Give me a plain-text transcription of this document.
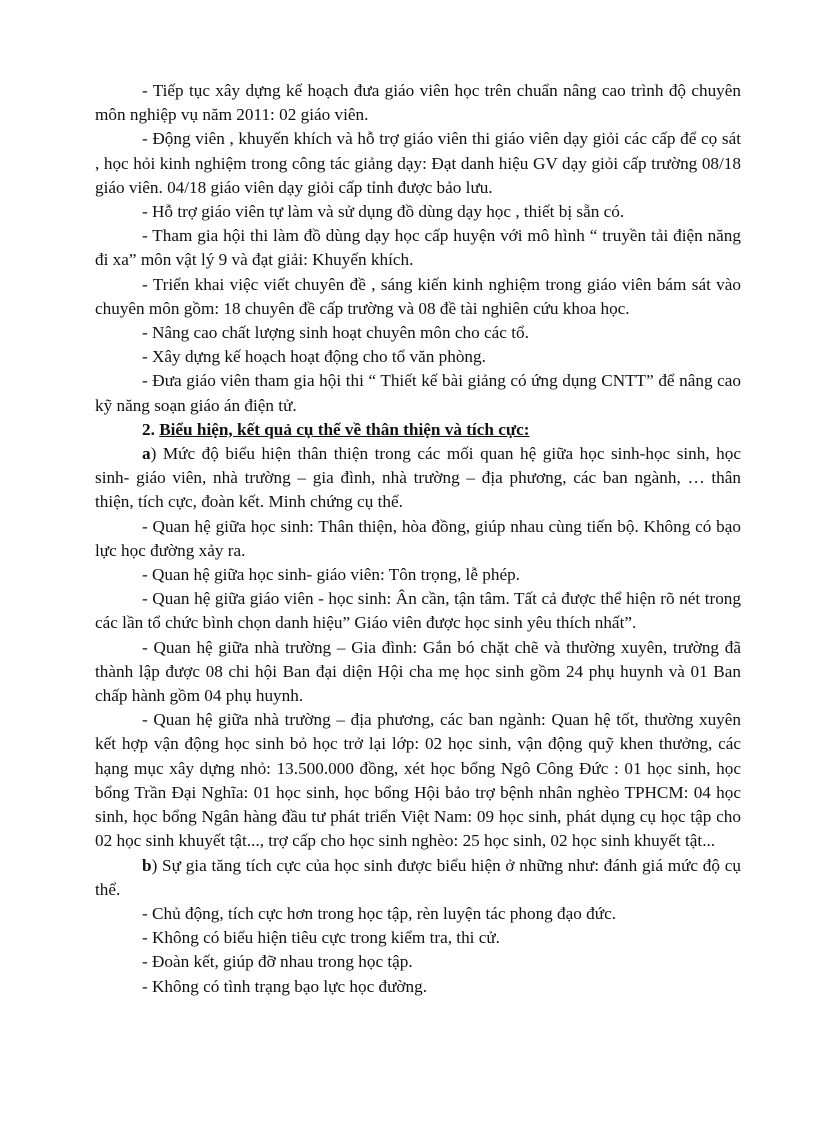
- Tiếp tục xây dựng kế hoạch đưa giáo viên học trên chuẩn nâng cao trình độ chuyên môn nghiệp vụ năm 2011: 02 giáo viên.

- Động viên , khuyến khích và hỗ trợ giáo viên thi giáo viên dạy giỏi các cấp để cọ sát , học hỏi kinh nghiệm trong công tác giảng dạy: Đạt danh hiệu GV dạy giỏi cấp trường 08/18 giáo viên. 04/18 giáo viên dạy giỏi cấp tỉnh được bảo lưu.

- Hỗ trợ giáo viên tự làm và sử dụng đồ dùng dạy học , thiết bị sẵn có.

- Tham gia hội thi làm đồ dùng dạy học cấp huyện với mô hình “ truyền tải điện năng đi xa” môn vật lý 9 và đạt giải: Khuyến khích.

- Triển khai việc viết chuyên đề , sáng kiến kinh nghiệm trong giáo viên bám sát vào chuyên môn gồm: 18 chuyên đề cấp trường và 08 đề tài nghiên cứu khoa học.

- Nâng cao chất lượng sinh hoạt chuyên môn cho các tổ.

- Xây dựng kế hoạch hoạt động cho tổ văn phòng.

- Đưa giáo viên tham gia hội thi “ Thiết kế bài giảng có ứng dụng CNTT” để nâng cao kỹ năng soạn giáo án điện tử.

2. Biểu hiện, kết quả cụ thể về thân thiện và tích cực:

a) Mức độ biểu hiện thân thiện trong các mối quan hệ giữa học sinh-học sinh, học sinh- giáo viên, nhà trường – gia đình, nhà trường – địa phương, các ban ngành, … thân thiện, tích cực, đoàn kết. Minh chứng cụ thể.

- Quan hệ giữa học sinh: Thân thiện, hòa đồng, giúp nhau cùng tiến bộ. Không có bạo lực học đường xảy ra.

- Quan hệ giữa học sinh- giáo viên: Tôn trọng, lễ phép.

- Quan hệ giữa giáo viên - học sinh: Ân cần, tận tâm. Tất cả được thể hiện rõ nét trong các lần tổ chức bình chọn danh hiệu” Giáo viên được học sinh yêu thích nhất”.

- Quan hệ giữa nhà trường – Gia đình: Gắn bó chặt chẽ và thường xuyên, trường đã thành lập được 08 chi hội Ban đại diện Hội cha mẹ học sinh gồm 24 phụ huynh và 01 Ban chấp hành gồm 04 phụ huynh.

- Quan hệ giữa nhà trường – địa phương, các ban ngành: Quan hệ tốt, thường xuyên kết hợp vận động học sinh bỏ học trở lại lớp: 02 học sinh, vận động quỹ khen thưởng, các hạng mục xây dựng nhỏ: 13.500.000 đồng, xét học bổng Ngô Công Đức : 01 học sinh, học bổng Trần Đại Nghĩa: 01 học sinh, học bổng Hội bảo trợ bệnh nhân nghèo TPHCM: 04 học sinh, học bổng Ngân hàng đầu tư phát triển Việt Nam: 09 học sinh, phát dụng cụ học tập cho 02 học sinh khuyết tật..., trợ cấp cho học sinh nghèo: 25 học sinh, 02 học sinh khuyết tật...

b) Sự gia tăng tích cực của học sinh được biểu hiện ở những như: đánh giá mức độ cụ thể.

- Chủ động, tích cực hơn trong học tập, rèn luyện tác phong đạo đức.

- Không có biểu hiện tiêu cực trong kiểm tra, thi cử.

- Đoàn kết, giúp đỡ nhau trong học tập.

- Không có tình trạng bạo lực học đường.
